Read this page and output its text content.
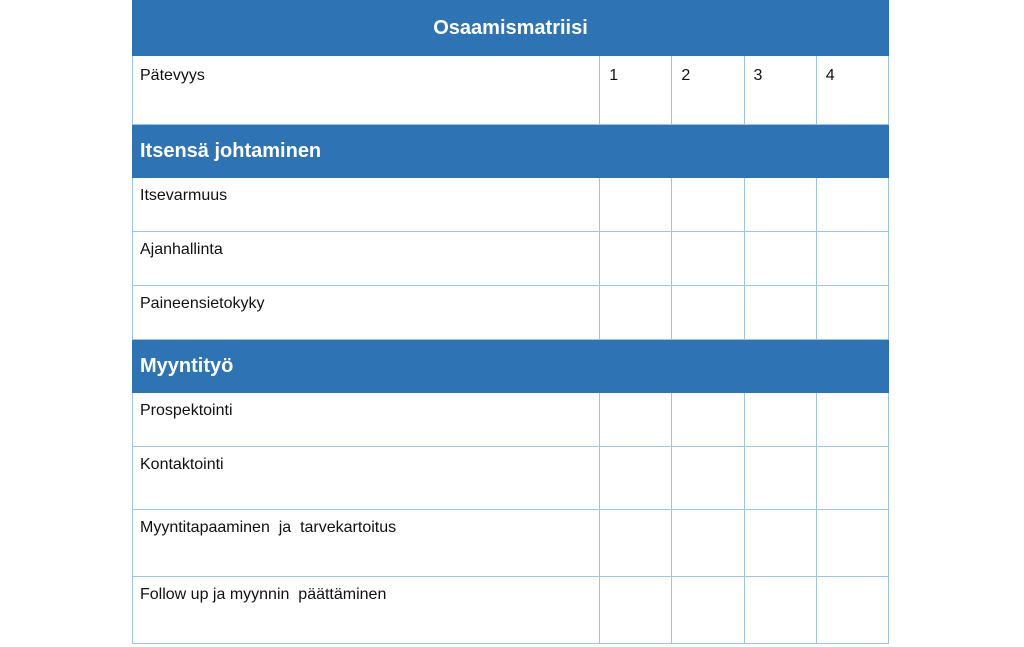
Osaamismatriisi				

Pätevyys	1	2	3	4

Itsensä johtaminen				

Itsevarmuus				

Ajanhallinta				

Paineensietokyky				

Myyntityö				

Prospektointi				

Kontaktointi				

Myyntitapaaminen  ja  tarvekartoitus				

Follow up ja myynnin  päättäminen				
